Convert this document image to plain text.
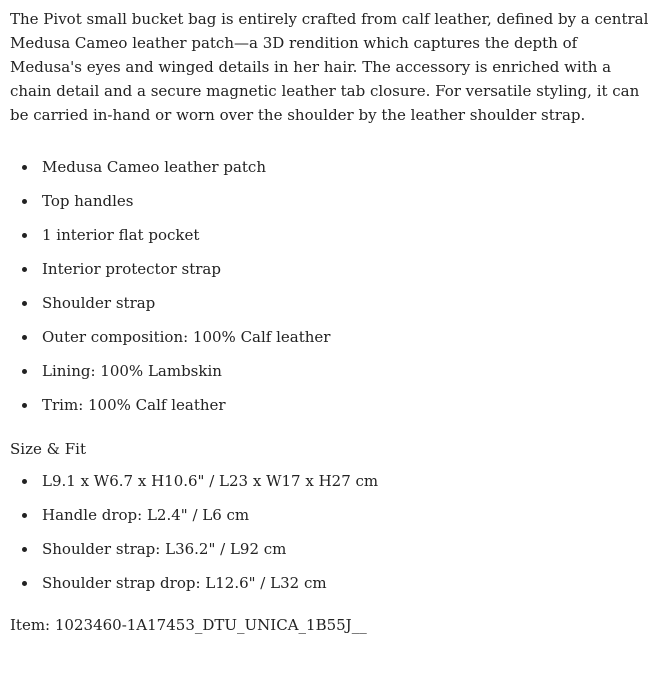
The Pivot small bucket bag is entirely crafted from calf leather, defined by a central Medusa Cameo leather patch—a 3D rendition which captures the depth of Medusa's eyes and winged details in her hair. The accessory is enriched with a chain detail and a secure magnetic leather tab closure. For versatile styling, it can be carried in-hand or worn over the shoulder by the leather shoulder strap.

• Medusa Cameo leather patch
• Top handles
• 1 interior flat pocket
• Interior protector strap
• Shoulder strap
• Outer composition: 100% Calf leather
• Lining: 100% Lambskin
• Trim: 100% Calf leather

Size & Fit

• L9.1 x W6.7 x H10.6" / L23 x W17 x H27 cm
• Handle drop: L2.4" / L6 cm
• Shoulder strap: L36.2" / L92 cm
• Shoulder strap drop: L12.6" / L32 cm

Item: 1023460-1A17453_DTU_UNICA_1B55J__
